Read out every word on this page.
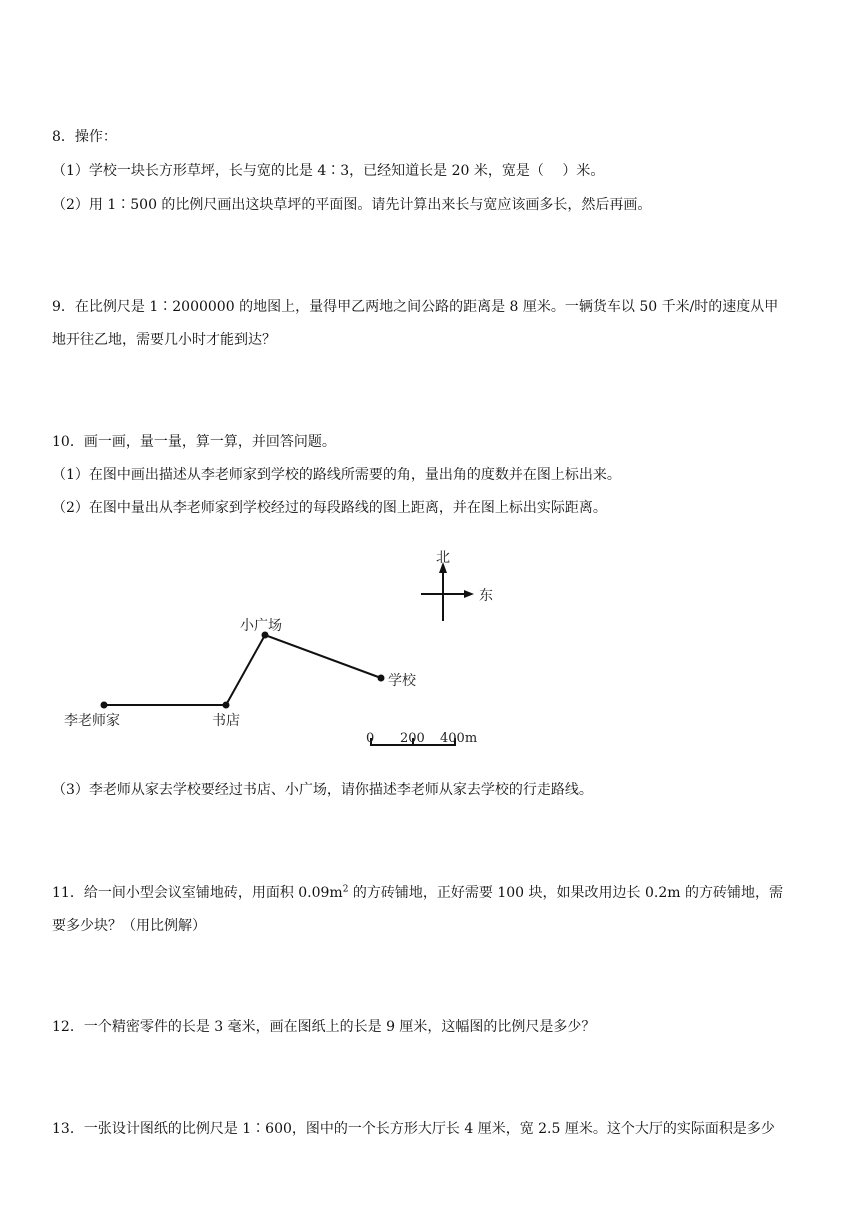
8．操作：
（1）学校一块长方形草坪，长与宽的比是 4∶3，已经知道长是 20 米，宽是（　 ）米。
（2）用 1∶500 的比例尺画出这块草坪的平面图。请先计算出来长与宽应该画多长，然后再画。
9．在比例尺是 1∶2000000 的地图上，量得甲乙两地之间公路的距离是 8 厘米。一辆货车以 50 千米/时的速度从甲
地开往乙地，需要几小时才能到达？
10．画一画，量一量，算一算，并回答问题。
（1）在图中画出描述从李老师家到学校的路线所需要的角，量出角的度数并在图上标出来。
（2）在图中量出从李老师家到学校经过的每段路线的图上距离，并在图上标出实际距离。
北
东
李老师家	书店
小广场
学校
0 200 400m
（3）李老师从家去学校要经过书店、小广场，请你描述李老师从家去学校的行走路线。
11．给一间小型会议室铺地砖，用面积 $0.09m^2$ 的方砖铺地，正好需要 100 块，如果改用边长 0.2m 的方砖铺地，需
要多少块？（用比例解）
12．一个精密零件的长是 3 毫米，画在图纸上的长是 9 厘米，这幅图的比例尺是多少？
13．一张设计图纸的比例尺是 1∶600，图中的一个长方形大厅长 4 厘米，宽 2.5 厘米。这个大厅的实际面积是多少
